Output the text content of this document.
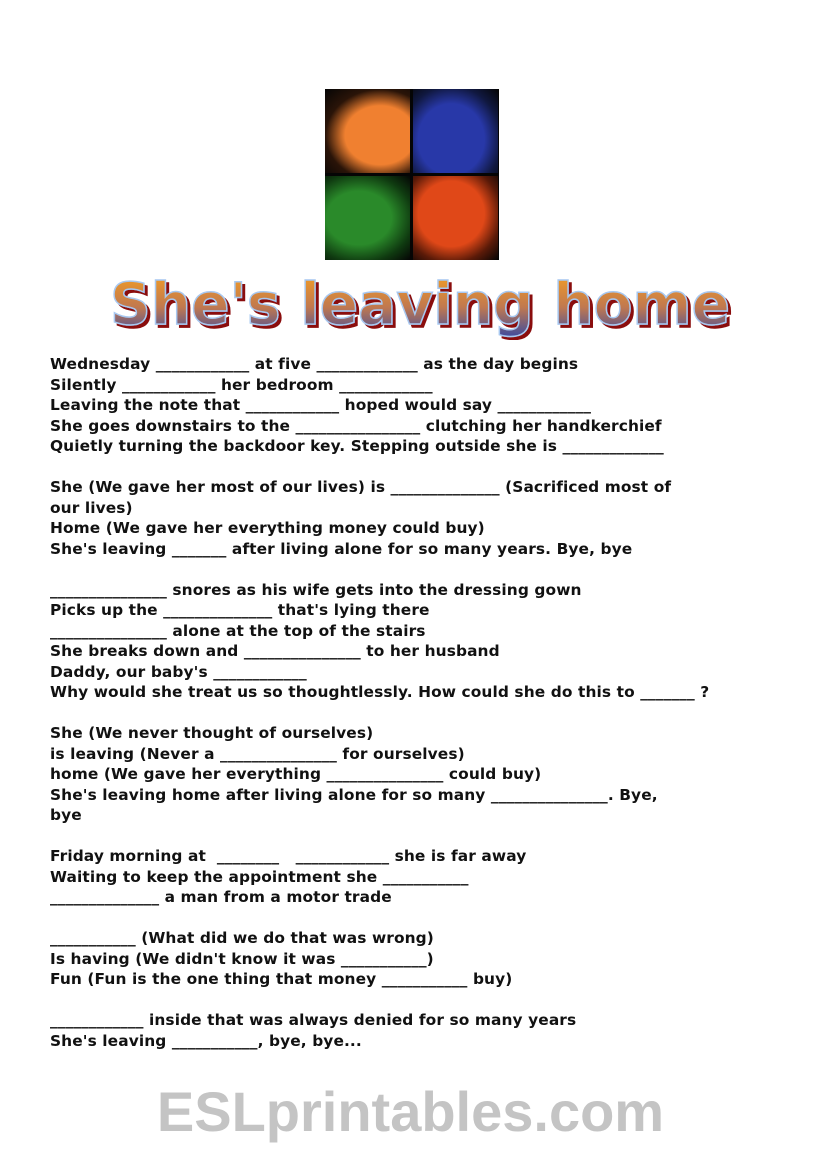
She's leaving home
Wednesday ____________ at five _____________ as the day begins
Silently ____________ her bedroom ____________
Leaving the note that ____________ hoped would say ____________
She goes downstairs to the ________________ clutching her handkerchief
Quietly turning the backdoor key. Stepping outside she is _____________
She (We gave her most of our lives) is ______________ (Sacrificed most of
our lives)
Home (We gave her everything money could buy)
She's leaving _______ after living alone for so many years. Bye, bye
_______________ snores as his wife gets into the dressing gown
Picks up the ______________ that's lying there
_______________ alone at the top of the stairs
She breaks down and _______________ to her husband
Daddy, our baby's ____________
Why would she treat us so thoughtlessly. How could she do this to _______ ?
She (We never thought of ourselves)
is leaving (Never a _______________ for ourselves)
home (We gave her everything _______________ could buy)
She's leaving home after living alone for so many _______________. Bye,
bye
Friday morning at  ________   ____________ she is far away
Waiting to keep the appointment she ___________
______________ a man from a motor trade
___________ (What did we do that was wrong)
Is having (We didn't know it was ___________)
Fun (Fun is the one thing that money ___________ buy)
____________ inside that was always denied for so many years
She's leaving ___________, bye, bye...
ESLprintables.com
